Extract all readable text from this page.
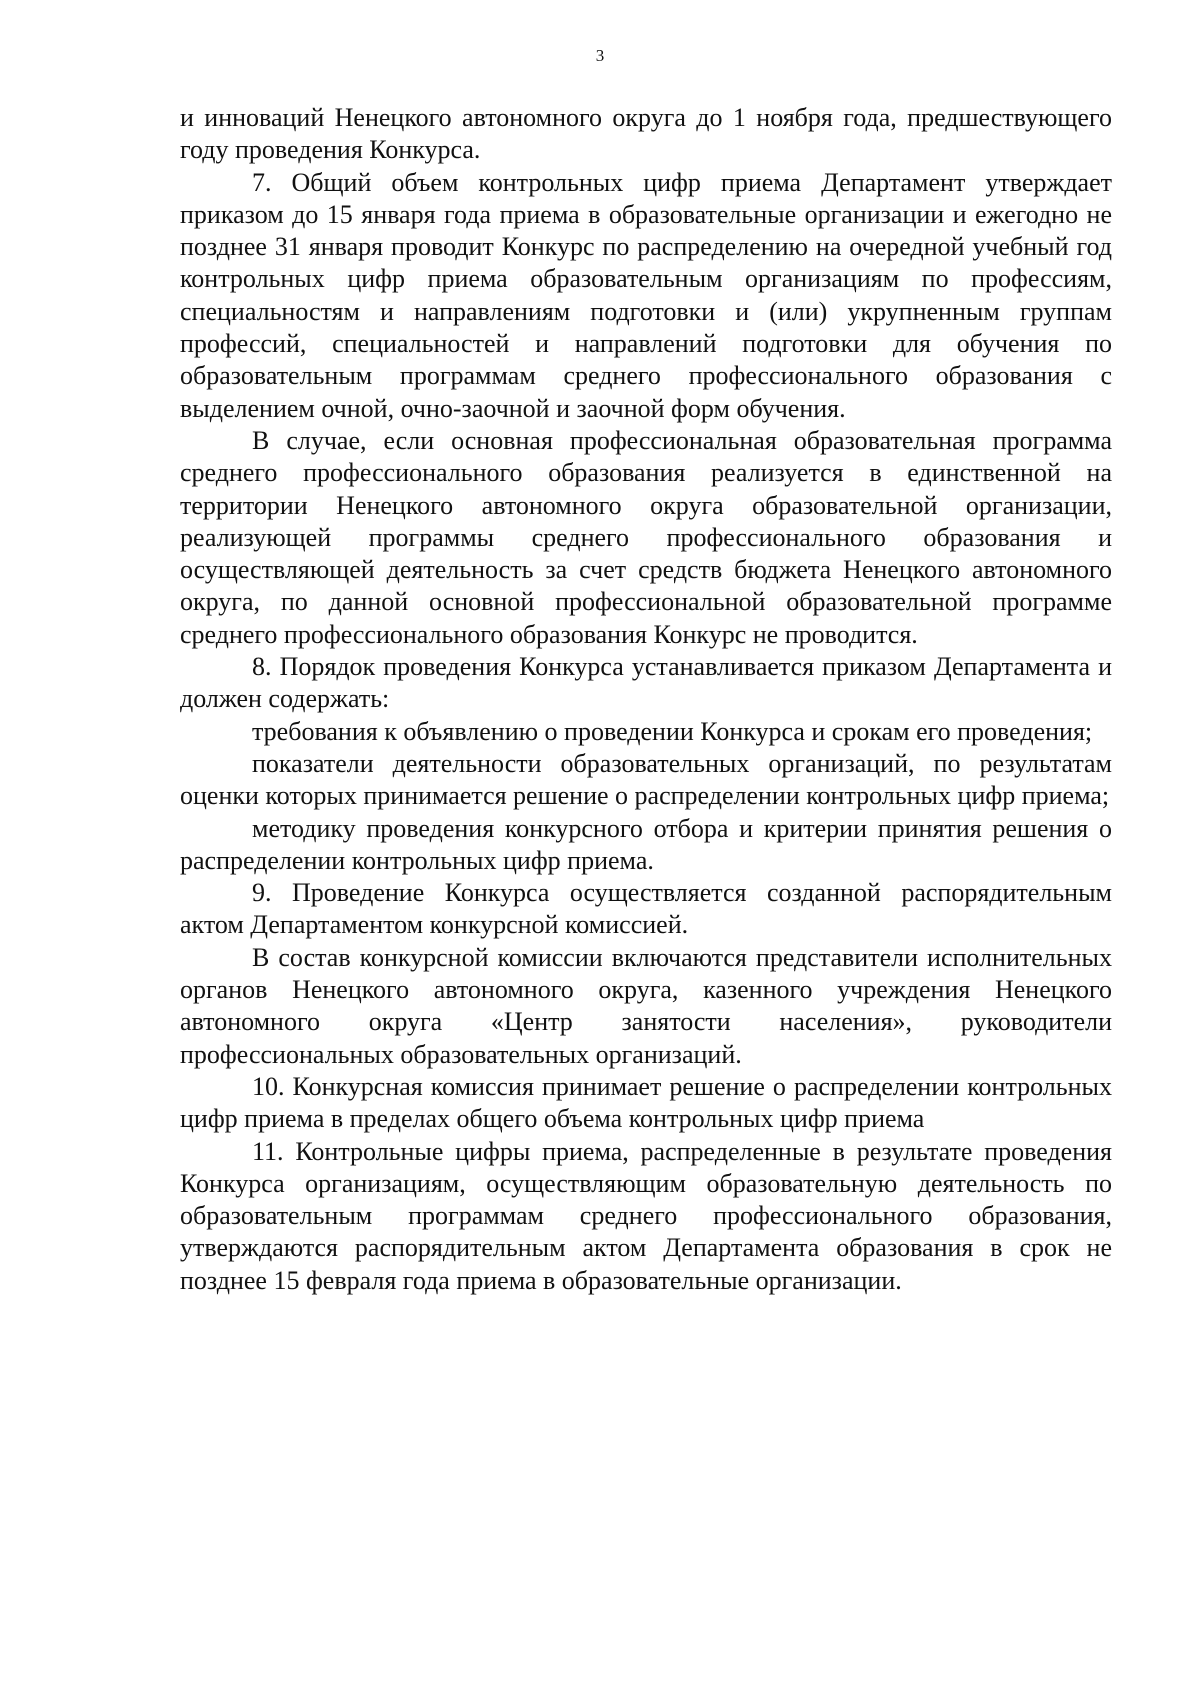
3

и инноваций Ненецкого автономного округа до 1 ноября года, предшествующего году проведения Конкурса.

7. Общий объем контрольных цифр приема Департамент утверждает приказом до 15 января года приема в образовательные организации и ежегодно не позднее 31 января проводит Конкурс по распределению на очередной учебный год контрольных цифр приема образовательным организациям по профессиям, специальностям и направлениям подготовки и (или) укрупненным группам профессий, специальностей и направлений подготовки для обучения по образовательным программам среднего профессионального образования с выделением очной, очно-заочной и заочной форм обучения.

В случае, если основная профессиональная образовательная программа среднего профессионального образования реализуется в единственной на территории Ненецкого автономного округа образовательной организации, реализующей программы среднего профессионального образования и осуществляющей деятельность за счет средств бюджета Ненецкого автономного округа, по данной основной профессиональной образовательной программе среднего профессионального образования Конкурс не проводится.

8. Порядок проведения Конкурса устанавливается приказом Департамента и должен содержать:

требования к объявлению о проведении Конкурса и срокам его проведения;

показатели деятельности образовательных организаций, по результатам оценки которых принимается решение о распределении контрольных цифр приема;

методику проведения конкурсного отбора и критерии принятия решения о распределении контрольных цифр приема.

9. Проведение Конкурса осуществляется созданной распорядительным актом Департаментом конкурсной комиссией.

В состав конкурсной комиссии включаются представители исполнительных органов Ненецкого автономного округа, казенного учреждения Ненецкого автономного округа «Центр занятости населения», руководители профессиональных образовательных организаций.

10. Конкурсная комиссия принимает решение о распределении контрольных цифр приема в пределах общего объема контрольных цифр приема

11. Контрольные цифры приема, распределенные в результате проведения Конкурса организациям, осуществляющим образовательную деятельность по образовательным программам среднего профессионального образования, утверждаются распорядительным актом Департамента образования в срок не позднее 15 февраля года приема в образовательные организации.
